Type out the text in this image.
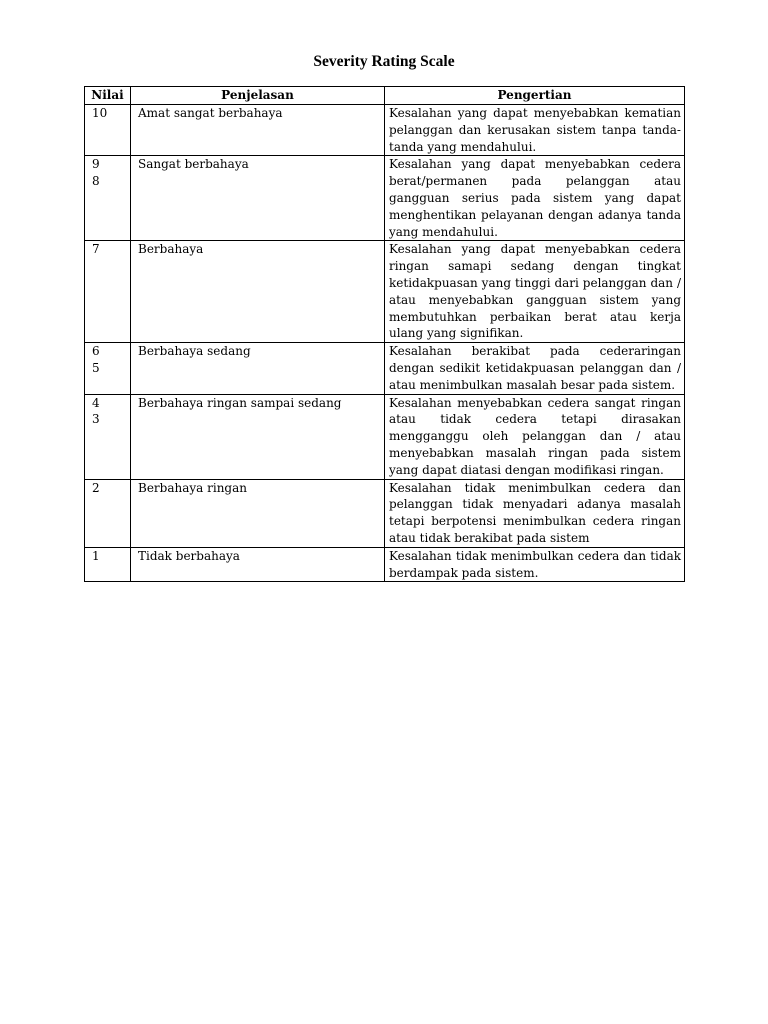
Severity Rating Scale
Nilai	Penjelasan	Pengertian

10	Amat sangat berbahaya	Kesalahan yang dapat menyebabkan kematian pelanggan dan kerusakan sistem tanpa tanda-tanda yang mendahului.

9
8	Sangat berbahaya	Kesalahan yang dapat menyebabkan cedera berat/permanen pada pelanggan atau gangguan serius pada sistem yang dapat menghentikan pelayanan dengan adanya tanda yang mendahului.

7	Berbahaya	Kesalahan yang dapat menyebabkan cedera ringan samapi sedang dengan tingkat ketidakpuasan yang tinggi dari pelanggan dan / atau menyebabkan gangguan sistem yang membutuhkan perbaikan berat atau kerja ulang yang signifikan.

6
5	Berbahaya sedang	Kesalahan berakibat pada cederaringan dengan sedikit ketidakpuasan pelanggan dan / atau menimbulkan masalah besar pada sistem.

4
3	Berbahaya ringan sampai sedang	Kesalahan menyebabkan cedera sangat ringan atau tidak cedera tetapi dirasakan mengganggu oleh pelanggan dan / atau menyebabkan masalah ringan pada sistem yang dapat diatasi dengan modifikasi ringan.

2	Berbahaya ringan	Kesalahan tidak menimbulkan cedera dan pelanggan tidak menyadari adanya masalah tetapi berpotensi menimbulkan cedera ringan atau tidak berakibat pada sistem

1	Tidak berbahaya	Kesalahan tidak menimbulkan cedera dan tidak berdampak pada sistem.
